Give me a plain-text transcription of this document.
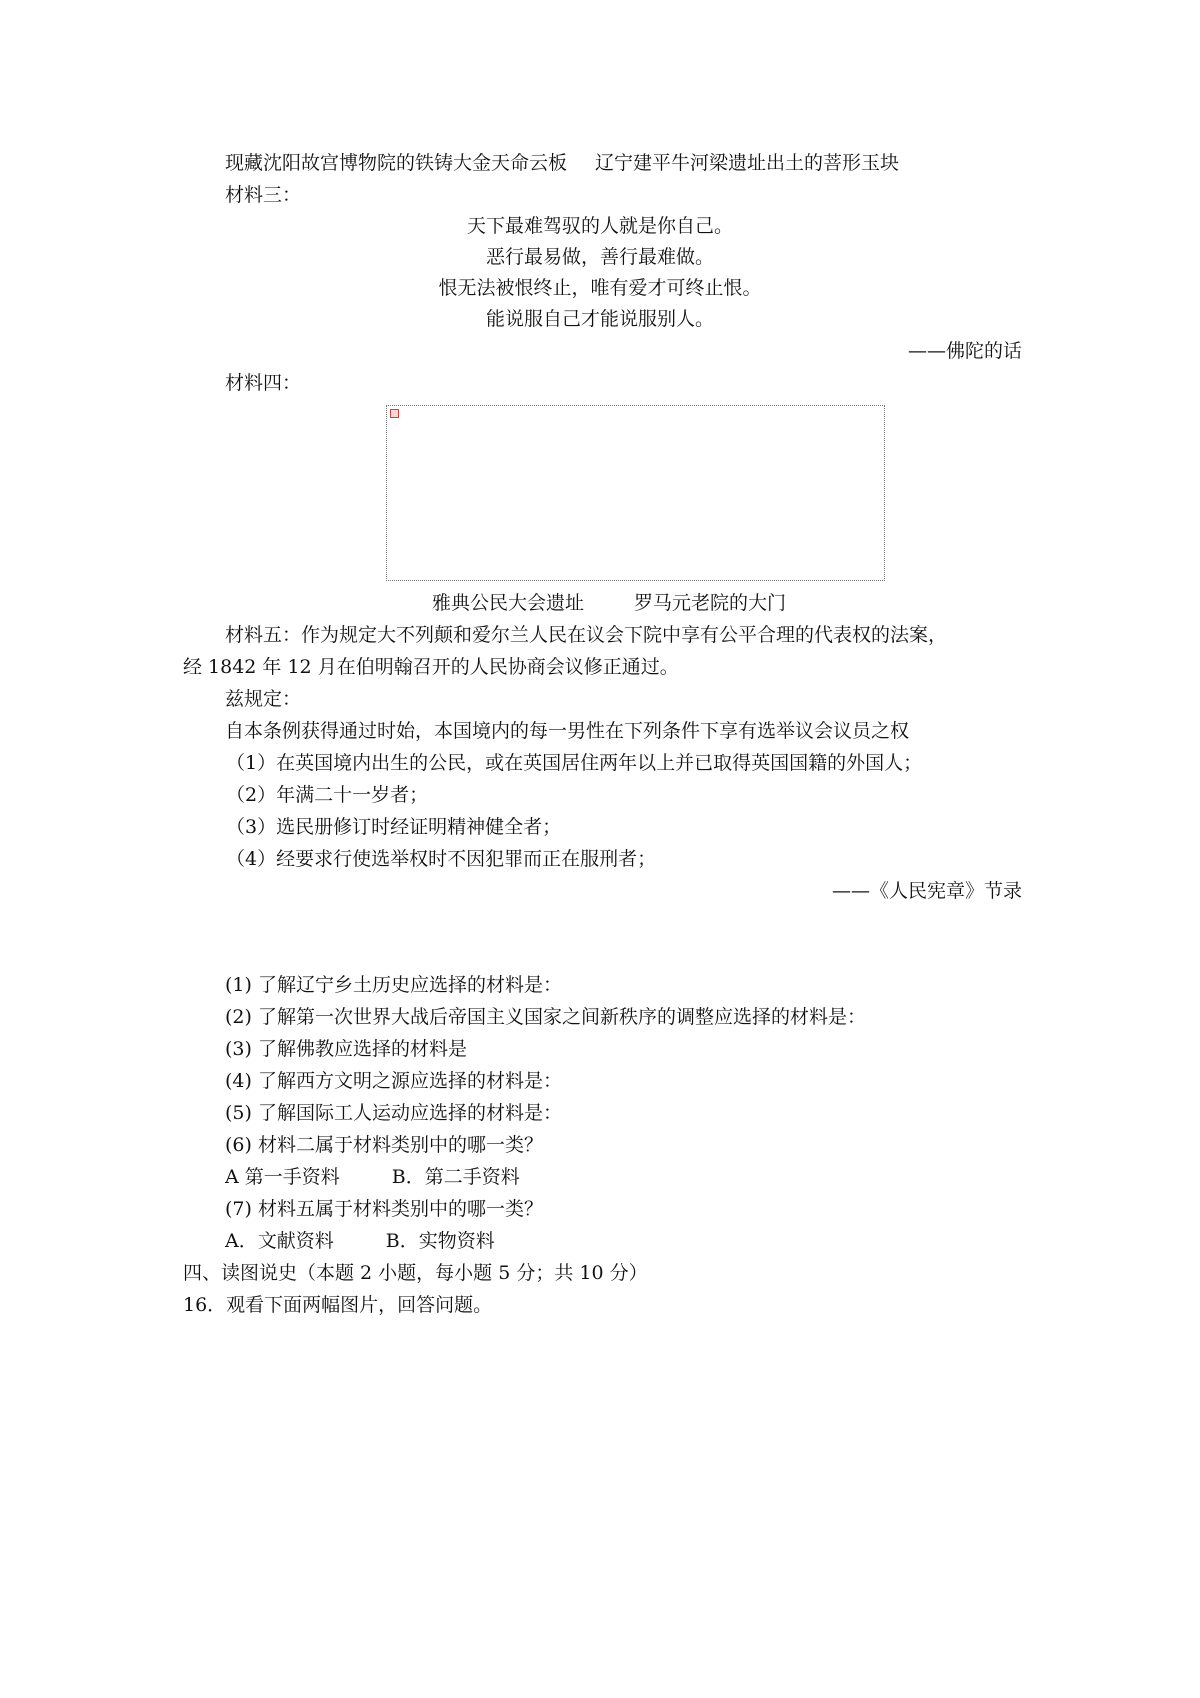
现藏沈阳故宫博物院的铁铸大金天命云板 辽宁建平牛河梁遗址出土的菩形玉块
材料三：
天下最难驾驭的人就是你自己。
恶行最易做，善行最难做。
恨无法被恨终止，唯有爱才可终止恨。
能说服自己才能说服别人。
——佛陀的话
材料四：
雅典公民大会遗址	罗马元老院的大门
材料五：作为规定大不列颠和爱尔兰人民在议会下院中享有公平合理的代表权的法案，
经 1842 年 12 月在伯明翰召开的人民协商会议修正通过。
兹规定：
自本条例获得通过时始，本国境内的每一男性在下列条件下享有选举议会议员之权
（1）在英国境内出生的公民，或在英国居住两年以上并已取得英国国籍的外国人；
（2）年满二十一岁者；
（3）选民册修订时经证明精神健全者；
（4）经要求行使选举权时不因犯罪而正在服刑者；
——《人民宪章》节录
(1) 了解辽宁乡土历史应选择的材料是：
(2) 了解第一次世界大战后帝国主义国家之间新秩序的调整应选择的材料是：
(3) 了解佛教应选择的材料是
(4) 了解西方文明之源应选择的材料是：
(5) 了解国际工人运动应选择的材料是：
(6) 材料二属于材料类别中的哪一类？
A 第一手资料	B．第二手资料
(7) 材料五属于材料类别中的哪一类？
A．文献资料	B．实物资料
四、读图说史（本题 2 小题，每小题 5 分；共 10 分）
16．观看下面两幅图片，回答问题。
